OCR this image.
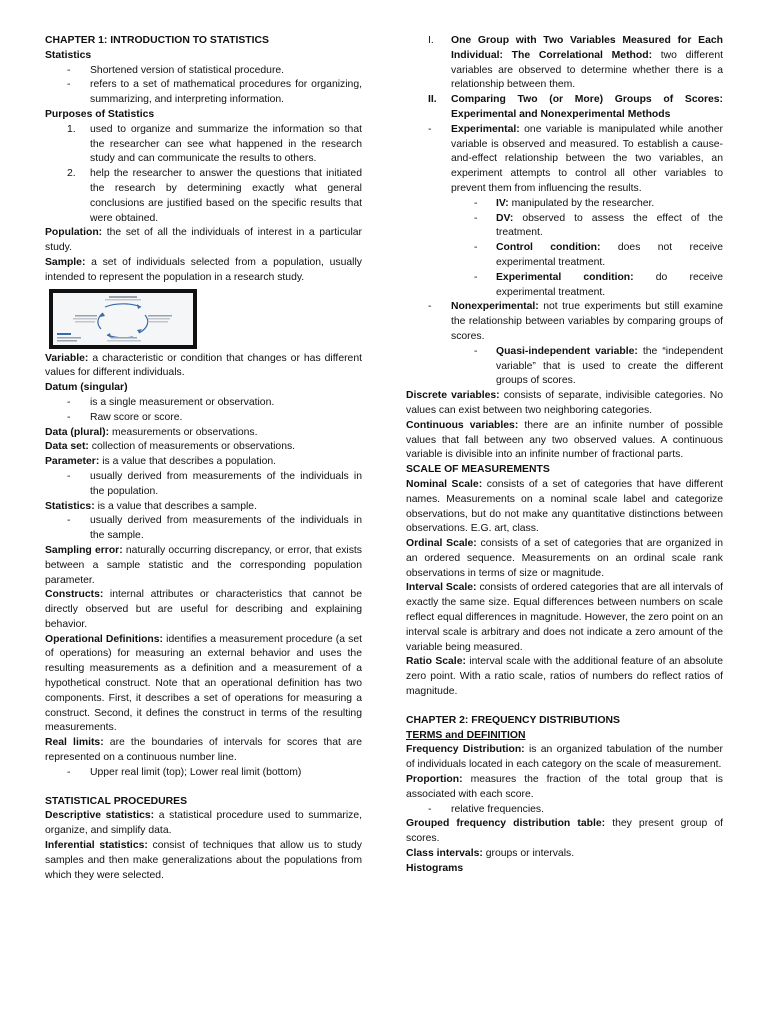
CHAPTER 1: INTRODUCTION TO STATISTICS

Statistics

- Shortened version of statistical procedure.
- refers to a set of mathematical procedures for organizing, summarizing, and interpreting information.

Purposes of Statistics

1. used to organize and summarize the information so that the researcher can see what happened in the research study and can communicate the results to others.
2. help the researcher to answer the questions that initiated the research by determining exactly what general conclusions are justified based on the specific results that were obtained.

Population: the set of all the individuals of interest in a particular study.

Sample: a set of individuals selected from a population, usually intended to represent the population in a research study.

Variable: a characteristic or condition that changes or has different values for different individuals.

Datum (singular)

- is a single measurement or observation.
- Raw score or score.

Data (plural): measurements or observations.

Data set: collection of measurements or observations.

Parameter: is a value that describes a population.

- usually derived from measurements of the individuals in the population.

Statistics: is a value that describes a sample.

- usually derived from measurements of the individuals in the sample.

Sampling error: naturally occurring discrepancy, or error, that exists between a sample statistic and the corresponding population parameter.

Constructs: internal attributes or characteristics that cannot be directly observed but are useful for describing and explaining behavior.

Operational Definitions: identifies a measurement procedure (a set of operations) for measuring an external behavior and uses the resulting measurements as a definition and a measurement of a hypothetical construct. Note that an operational definition has two components. First, it describes a set of operations for measuring a construct. Second, it defines the construct in terms of the resulting measurements.

Real limits: are the boundaries of intervals for scores that are represented on a continuous number line.

- Upper real limit (top); Lower real limit (bottom)

STATISTICAL PROCEDURES

Descriptive statistics: a statistical procedure used to summarize, organize, and simplify data.

Inferential statistics: consist of techniques that allow us to study samples and then make generalizations about the populations from which they were selected.

I. One Group with Two Variables Measured for Each Individual: The Correlational Method: two different variables are observed to determine whether there is a relationship between them.
II. Comparing Two (or More) Groups of Scores: Experimental and Nonexperimental Methods
- Experimental: one variable is manipulated while another variable is observed and measured. To establish a cause-and-effect relationship between the two variables, an experiment attempts to control all other variables to prevent them from influencing the results.
- IV: manipulated by the researcher.
- DV: observed to assess the effect of the treatment.
- Control condition: does not receive experimental treatment.
- Experimental condition: do receive experimental treatment.
- Nonexperimental: not true experiments but still examine the relationship between variables by comparing groups of scores.
- Quasi-independent variable: the “independent variable” that is used to create the different groups of scores.

Discrete variables: consists of separate, indivisible categories. No values can exist between two neighboring categories.

Continuous variables: there are an infinite number of possible values that fall between any two observed values. A continuous variable is divisible into an infinite number of fractional parts.

SCALE OF MEASUREMENTS

Nominal Scale: consists of a set of categories that have different names. Measurements on a nominal scale label and categorize observations, but do not make any quantitative distinctions between observations. E.G. art, class.

Ordinal Scale: consists of a set of categories that are organized in an ordered sequence. Measurements on an ordinal scale rank observations in terms of size or magnitude.

Interval Scale: consists of ordered categories that are all intervals of exactly the same size. Equal differences between numbers on scale reflect equal differences in magnitude. However, the zero point on an interval scale is arbitrary and does not indicate a zero amount of the variable being measured.

Ratio Scale: interval scale with the additional feature of an absolute zero point. With a ratio scale, ratios of numbers do reflect ratios of magnitude.

CHAPTER 2: FREQUENCY DISTRIBUTIONS

TERMS and DEFINITION

Frequency Distribution: is an organized tabulation of the number of individuals located in each category on the scale of measurement.

Proportion: measures the fraction of the total group that is associated with each score.

- relative frequencies.

Grouped frequency distribution table: they present group of scores.

Class intervals: groups or intervals.

Histograms
